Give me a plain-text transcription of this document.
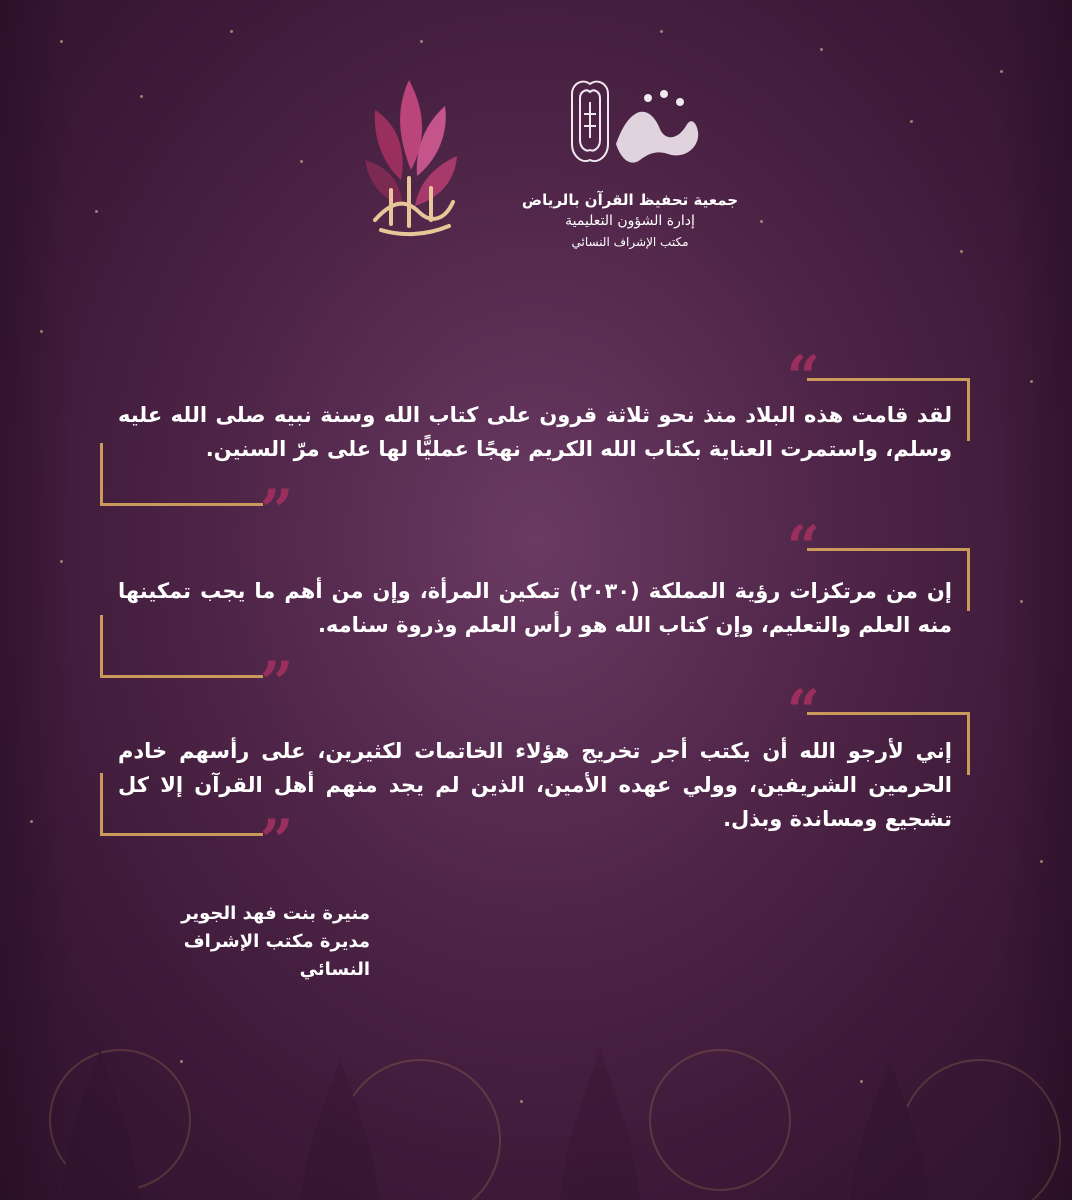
مكنون

جمعية تحفيظ القرآن بالرياض

إدارة الشؤون التعليمية

مكتب الإشراف النسائي

أنوار
“
”

لقد قامت هذه البلاد منذ نحو ثلاثة قرون على كتاب الله وسنة نبيه صلى الله عليه وسلم، واستمرت العناية بكتاب الله الكريم نهجًا عمليًّا لها على مرّ السنين.

“
”

إن من مرتكزات رؤية المملكة (٢٠٣٠) تمكين المرأة، وإن من أهم ما يجب تمكينها منه العلم والتعليم، وإن كتاب الله هو رأس العلم وذروة سنامه.

“
”

إني لأرجو الله أن يكتب أجر تخريج هؤلاء الخاتمات لكثيرين، على رأسهم خادم الحرمين الشريفين، وولي عهده الأمين، الذين لم يجد منهم أهل القرآن إلا كل تشجيع ومساندة وبذل.

منيرة بنت فهد الجوير

مديرة مكتب الإشراف النسائي
